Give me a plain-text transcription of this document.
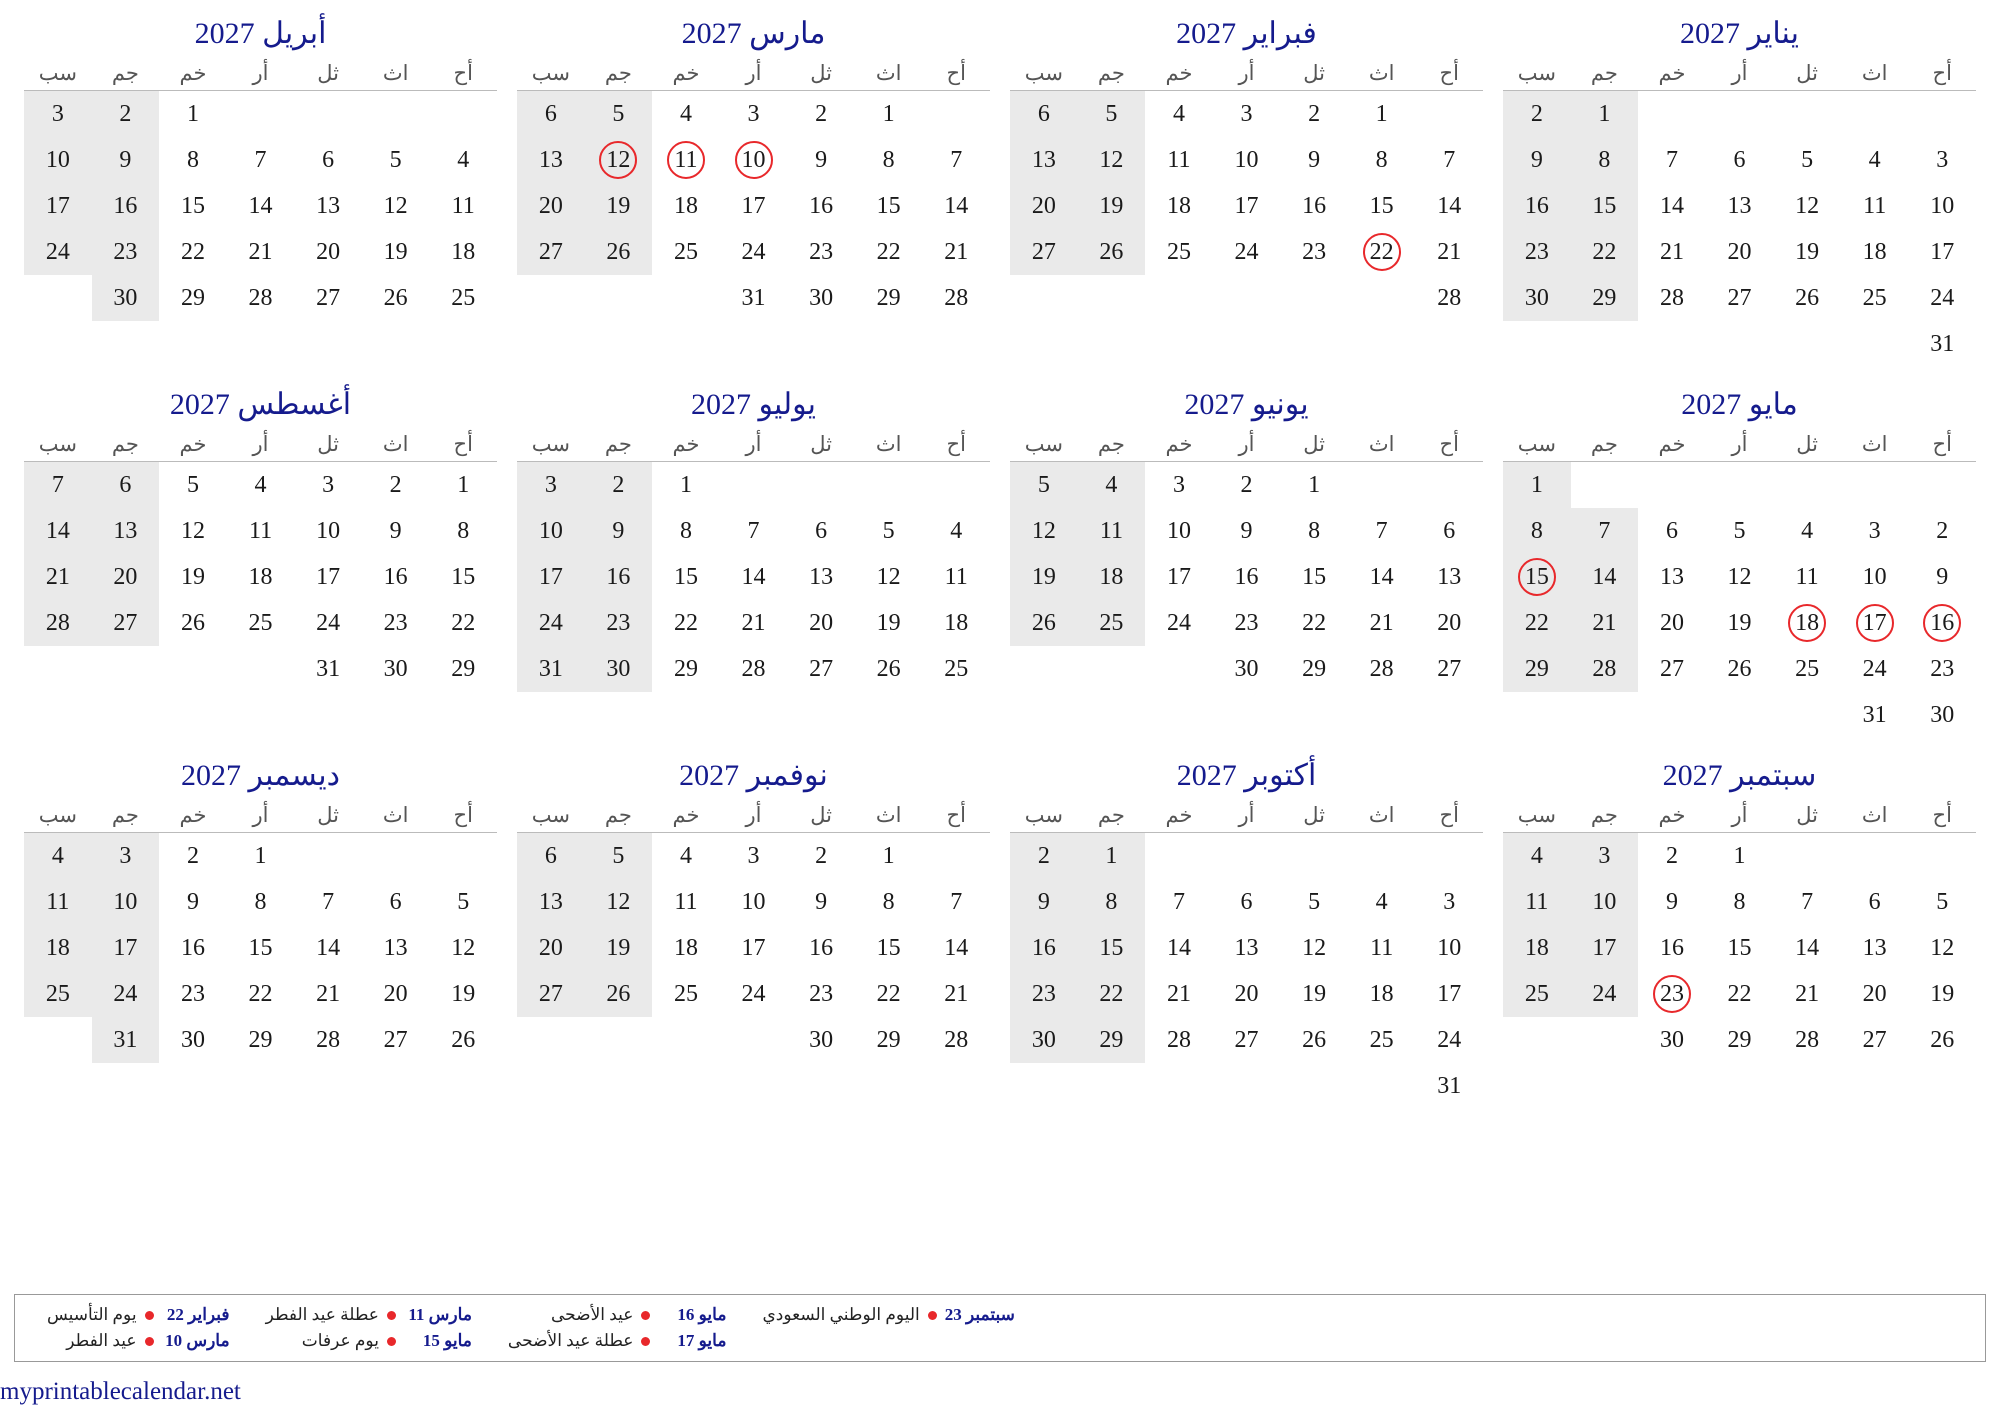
يناير 2027
أح	اث	ثل	أر	خم	جم	سب
					1	2
3	4	5	6	7	8	9
10	11	12	13	14	15	16
17	18	19	20	21	22	23
24	25	26	27	28	29	30
31						
فبراير 2027
أح	اث	ثل	أر	خم	جم	سب
	1	2	3	4	5	6
7	8	9	10	11	12	13
14	15	16	17	18	19	20
21	22	23	24	25	26	27
28						
مارس 2027
أح	اث	ثل	أر	خم	جم	سب
	1	2	3	4	5	6
7	8	9	10	11	12	13
14	15	16	17	18	19	20
21	22	23	24	25	26	27
28	29	30	31			
أبريل 2027
أح	اث	ثل	أر	خم	جم	سب
				1	2	3
4	5	6	7	8	9	10
11	12	13	14	15	16	17
18	19	20	21	22	23	24
25	26	27	28	29	30	
مايو 2027
أح	اث	ثل	أر	خم	جم	سب
						1
2	3	4	5	6	7	8
9	10	11	12	13	14	15
16	17	18	19	20	21	22
23	24	25	26	27	28	29
30	31					
يونيو 2027
أح	اث	ثل	أر	خم	جم	سب
		1	2	3	4	5
6	7	8	9	10	11	12
13	14	15	16	17	18	19
20	21	22	23	24	25	26
27	28	29	30			
يوليو 2027
أح	اث	ثل	أر	خم	جم	سب
				1	2	3
4	5	6	7	8	9	10
11	12	13	14	15	16	17
18	19	20	21	22	23	24
25	26	27	28	29	30	31
أغسطس 2027
أح	اث	ثل	أر	خم	جم	سب
1	2	3	4	5	6	7
8	9	10	11	12	13	14
15	16	17	18	19	20	21
22	23	24	25	26	27	28
29	30	31				
سبتمبر 2027
أح	اث	ثل	أر	خم	جم	سب
			1	2	3	4
5	6	7	8	9	10	11
12	13	14	15	16	17	18
19	20	21	22	23	24	25
26	27	28	29	30		
أكتوبر 2027
أح	اث	ثل	أر	خم	جم	سب
					1	2
3	4	5	6	7	8	9
10	11	12	13	14	15	16
17	18	19	20	21	22	23
24	25	26	27	28	29	30
31						
نوفمبر 2027
أح	اث	ثل	أر	خم	جم	سب
	1	2	3	4	5	6
7	8	9	10	11	12	13
14	15	16	17	18	19	20
21	22	23	24	25	26	27
28	29	30				
ديسمبر 2027
أح	اث	ثل	أر	خم	جم	سب
			1	2	3	4
5	6	7	8	9	10	11
12	13	14	15	16	17	18
19	20	21	22	23	24	25
26	27	28	29	30	31	
فبراير 22
يوم التأسيس
مارس 10
عيد الفطر
مارس 11
عطلة عيد الفطر
مايو 15
يوم عرفات
مايو 16
عيد الأضحى
مايو 17
عطلة عيد الأضحى
سبتمبر 23
اليوم الوطني السعودي
myprintablecalendar.net
